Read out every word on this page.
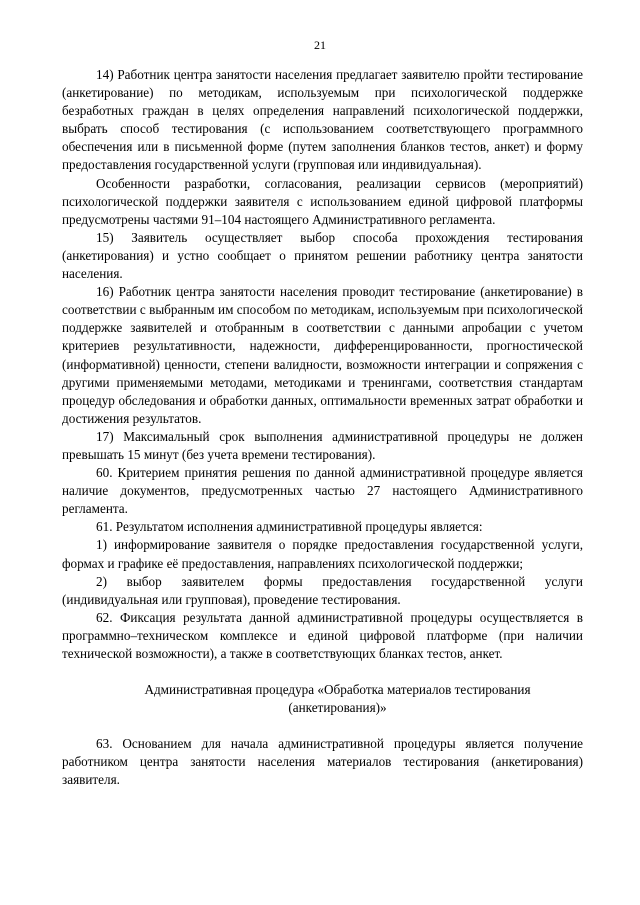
21

14) Работник центра занятости населения предлагает заявителю пройти тестирование (анкетирование) по методикам, используемым при психологической поддержке безработных граждан в целях определения направлений психологической поддержки, выбрать способ тестирования (с использованием соответствующего программного обеспечения или в письменной форме (путем заполнения бланков тестов, анкет) и форму предоставления государственной услуги (групповая или индивидуальная).

Особенности разработки, согласования, реализации сервисов (мероприятий) психологической поддержки заявителя с использованием единой цифровой платформы предусмотрены частями 91–104 настоящего Административного регламента.

15) Заявитель осуществляет выбор способа прохождения тестирования (анкетирования) и устно сообщает о принятом решении работнику центра занятости населения.

16) Работник центра занятости населения проводит тестирование (анкетирование) в соответствии с выбранным им способом по методикам, используемым при психологической поддержке заявителей и отобранным в соответствии с данными апробации с учетом критериев результативности, надежности, дифференцированности, прогностической (информативной) ценности, степени валидности, возможности интеграции и сопряжения с другими применяемыми методами, методиками и тренингами, соответствия стандартам процедур обследования и обработки данных, оптимальности временных затрат обработки и достижения результатов.

17) Максимальный срок выполнения административной процедуры не должен превышать 15 минут (без учета времени тестирования).

60. Критерием принятия решения по данной административной процедуре является наличие документов, предусмотренных частью 27 настоящего Административного регламента.

61. Результатом исполнения административной процедуры является:

1) информирование заявителя о порядке предоставления государственной услуги, формах и графике её предоставления, направлениях психологической поддержки;

2) выбор заявителем формы предоставления государственной услуги (индивидуальная или групповая), проведение тестирования.

62. Фиксация результата данной административной процедуры осуществляется в программно–техническом комплексе и единой цифровой платформе (при наличии технической возможности), а также в соответствующих бланках тестов, анкет.

Административная процедура «Обработка материалов тестирования

(анкетирования)»

63. Основанием для начала административной процедуры является получение работником центра занятости населения материалов тестирования (анкетирования) заявителя.
